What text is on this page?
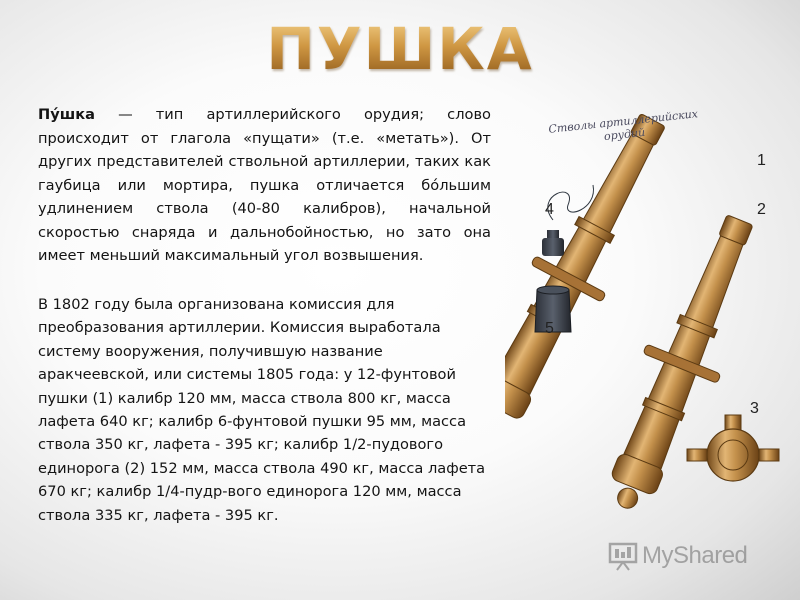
ПУШКА
Пу́шка — тип артиллерийского орудия; слово происходит от глагола «пущати» (т.е. «метать»). От других представителей ствольной артиллерии, таких как гаубица или мортира, пушка отличается бо́льшим удлинением ствола (40-80 калибров), начальной скоростью снаряда и дальнобойностью, но зато она имеет меньший максимальный угол возвышения.
В 1802 году была организована комиссия для преобразования артиллерии. Комиссия выработала систему вооружения, получившую название аракчеевской, или системы 1805 года: у 12-фунтовой пушки (1) калибр 120 мм, масса ствола 800 кг, масса лафета 640 кг; калибр 6-фунтовой пушки 95 мм, масса ствола 350 кг, лафета - 395 кг; калибр 1/2-пудового единорога (2) 152 мм, масса ствола 490 кг, масса лафета 670 кг; калибр 1/4-пудр-вого единорога 120 мм, масса ствола 335 кг, лафета - 395 кг.
Стволы артиллерийских орудий
1
2
3
4
5
MyShared
